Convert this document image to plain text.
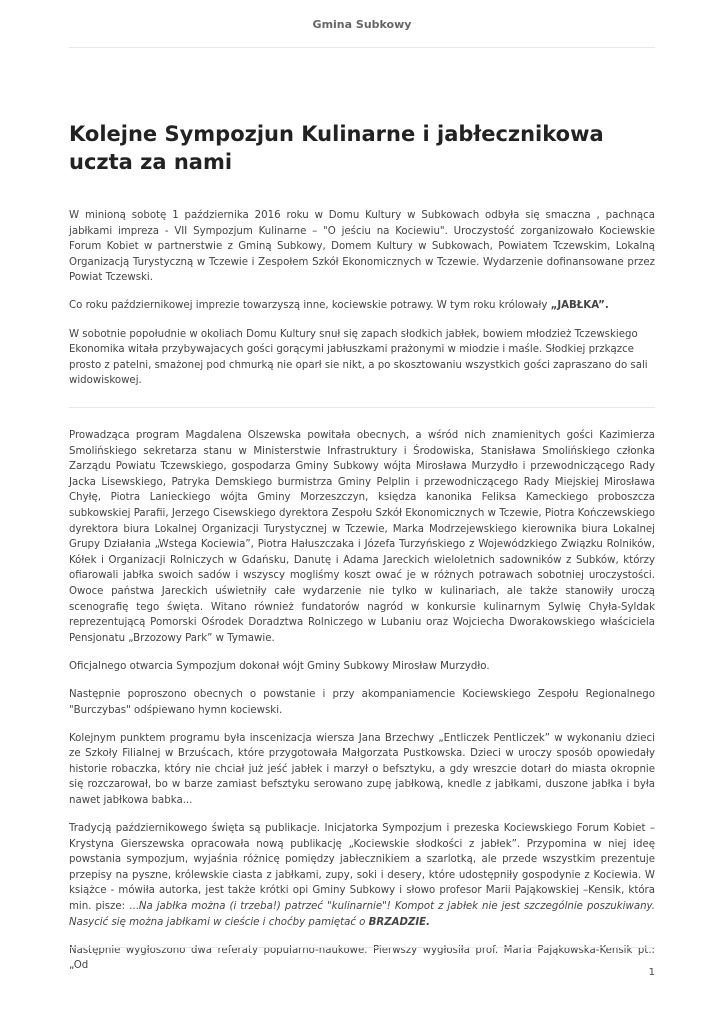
Gmina Subkowy
Kolejne Sympozjun Kulinarne i jabłecznikowa uczta za nami

W minioną sobotę 1 października 2016 roku w Domu Kultury w Subkowach odbyła się smaczna , pachnąca jabłkami impreza - VII Sympozjum Kulinarne – "O jeściu na Kociewiu". Uroczystość zorganizowało Kociewskie Forum Kobiet w partnerstwie z Gminą Subkowy, Domem Kultury w Subkowach, Powiatem Tczewskim, Lokalną Organizacją Turystyczną w Tczewie i Zespołem Szkół Ekonomicznych w Tczewie. Wydarzenie dofinansowane przez Powiat Tczewski.

Co roku październikowej imprezie towarzyszą inne, kociewskie potrawy. W tym roku królowały „JABŁKA”.

W sobotnie popołudnie w okoliach Domu Kultury snuł się zapach słodkich jabłek, bowiem młodzież Tczewskiego Ekonomika witała przybywajacych gości gorącymi jabłuszkami prażonymi w miodzie i maśle. Słodkiej przkązce prosto z patelni, smażonej pod chmurką nie oparł sie nikt, a po skosztowaniu wszystkich gości zapraszano do sali widowiskowej.

Prowadząca program Magdalena Olszewska powitała obecnych, a wśród nich znamienitych gości Kazimierza Smolińskiego sekretarza stanu w Ministerstwie Infrastruktury i Środowiska, Stanisława Smolińskiego członka Zarządu Powiatu Tczewskiego, gospodarza Gminy Subkowy wójta Mirosława Murzydło i przewodniczącego Rady Jacka Lisewskiego, Patryka Demskiego burmistrza Gminy Pelplin i przewodniczącego Rady Miejskiej Mirosława Chyłę, Piotra Lanieckiego wójta Gminy Morzeszczyn, księdza kanonika Feliksa Kameckiego proboszcza subkowskiej Parafii, Jerzego Cisewskiego dyrektora Zespołu Szkół Ekonomicznych w Tczewie, Piotra Kończewskiego dyrektora biura Lokalnej Organizacji Turystycznej w Tczewie, Marka Modrzejewskiego kierownika biura Lokalnej Grupy Działania „Wstega Kociewia”, Piotra Hałuszczaka i Józefa Turzyńskiego z Wojewódzkiego Związku Rolników, Kółek i Organizacji Rolniczych w Gdańsku, Danutę i Adama Jareckich wieloletnich sadowników z Subków, którzy ofiarowali jabłka swoich sadów i wszyscy mogliśmy koszt ować je w różnych potrawach sobotniej uroczystości. Owoce państwa Jareckich uświetniły całe wydarzenie nie tylko w kulinariach, ale także stanowiły uroczą scenografię tego święta. Witano również fundatorów nagród w konkursie kulinarnym Sylwię Chyła-Syldak reprezentującą Pomorski Ośrodek Doradztwa Rolniczego w Lubaniu oraz Wojciecha Dworakowskiego właściciela Pensjonatu „Brzozowy Park” w Tymawie.

Oficjalnego otwarcia Sympozjum dokonał wójt Gminy Subkowy Mirosław Murzydło.

Następnie poproszono obecnych o powstanie i przy akompaniamencie Kociewskiego Zespołu Regionalnego "Burczybas" odśpiewano hymn kociewski.

Kolejnym punktem programu była inscenizacja wiersza Jana Brzechwy „Entliczek Pentliczek” w wykonaniu dzieci ze Szkoły Filialnej w Brzuścach, które przygotowała Małgorzata Pustkowska. Dzieci w uroczy sposób opowiedały historie robaczka, który nie chciał już jeść jabłek i marzył o befsztyku, a gdy wreszcie dotarł do miasta okropnie się rozczarował, bo w barze zamiast befsztyku serowano zupę jabłkową, knedle z jabłkami, duszone jabłka i była nawet jabłkowa babka...

Tradycją październikowego święta są publikacje. Inicjatorka Sympozjum i prezeska Kociewskiego Forum Kobiet – Krystyna Gierszewska opracowała nową publikację „Kociewskie słodkości z jabłek”. Przypomina w niej ideę powstania sympozjum, wyjaśnia różnicę pomiędzy jabłecznikiem a szarlotką, ale przede wszystkim prezentuje przepisy na pyszne, królewskie ciasta z jabłkami, zupy, soki i desery, które udostępniły gospodynie z Kociewia. W książce - mówiła autorka, jest także krótki opi Gminy Subkowy i słowo profesor Marii Pająkowskiej –Kensik, która min. pisze: ...Na jabłka można (i trzeba!) patrzeć "kulinarnie"! Kompot z jabłek nie jest szczególnie poszukiwany. Nasycić się można jabłkami w cieście i choćby pamiętać o BRZADZIE.

Następnie wygłoszono dwa referaty popularno-naukowe. Pierwszy wygłosiła prof. Maria Pająkowska-Kensik pt.: „Od

1
